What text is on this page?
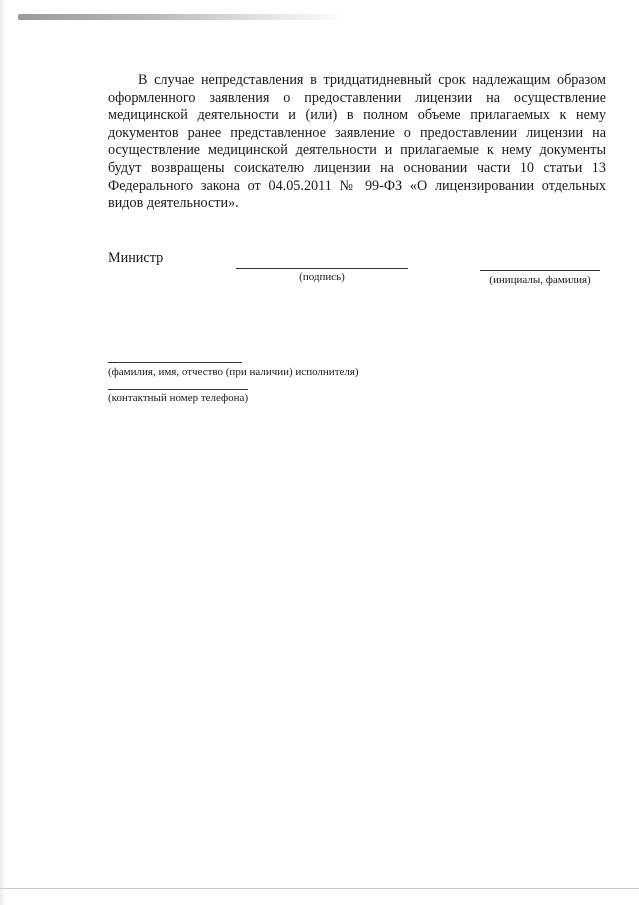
В случае непредставления в тридцатидневный срок надлежащим образом оформленного заявления о предоставлении лицензии на осуществление медицинской деятельности и (или) в полном объеме прилагаемых к нему документов ранее представленное заявление о предоставлении лицензии на осуществление медицинской деятельности и прилагаемые к нему документы будут возвращены соискателю лицензии на основании части 10 статьи 13 Федерального закона от 04.05.2011 № 99-ФЗ «О лицензировании отдельных видов деятельности».

Министр
(подпись)	(инициалы, фамилия)
(фамилия, имя, отчество (при наличии) исполнителя)
(контактный номер телефона)
